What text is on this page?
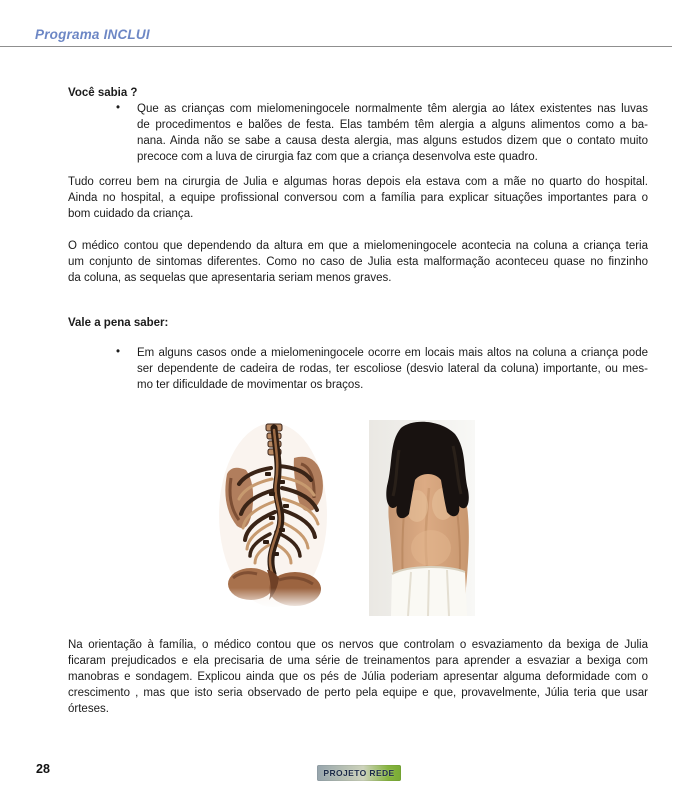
Programa INCLUI
Você sabia ?
• Que as crianças com mielomeningocele normalmente têm alergia ao látex existentes nas luvas
de procedimentos e balões de festa. Elas também têm alergia a alguns alimentos como a ba-
nana. Ainda não se sabe a causa desta alergia, mas alguns estudos dizem que o contato muito
precoce com a luva de cirurgia faz com que a criança desenvolva este quadro.
Tudo correu bem na cirurgia de Julia e algumas horas depois ela estava com a mãe no quarto do hospital.
Ainda no hospital, a equipe profissional conversou com a família para explicar situações importantes para o
bom cuidado da criança.
O médico contou que dependendo da altura em que a mielomeningocele acontecia na coluna a criança teria
um conjunto de sintomas diferentes. Como no caso de Julia esta malformação aconteceu quase no finzinho
da coluna, as sequelas que apresentaria seriam menos graves.
Vale a pena saber:
• Em alguns casos onde a mielomeningocele ocorre em locais mais altos na coluna a criança pode
ser dependente de cadeira de rodas, ter escoliose (desvio lateral da coluna) importante, ou mes-
mo ter dificuldade de movimentar os braços.
Na orientação à família, o médico contou que os nervos que controlam o esvaziamento da bexiga de Julia
ficaram prejudicados e ela precisaria de uma série de treinamentos para aprender a esvaziar a bexiga com
manobras e sondagem. Explicou ainda que os pés de Júlia poderiam apresentar alguma deformidade com o
crescimento , mas que isto seria observado de perto pela equipe e que, provavelmente, Júlia teria que usar
órteses.
28	PROJETO REDE
